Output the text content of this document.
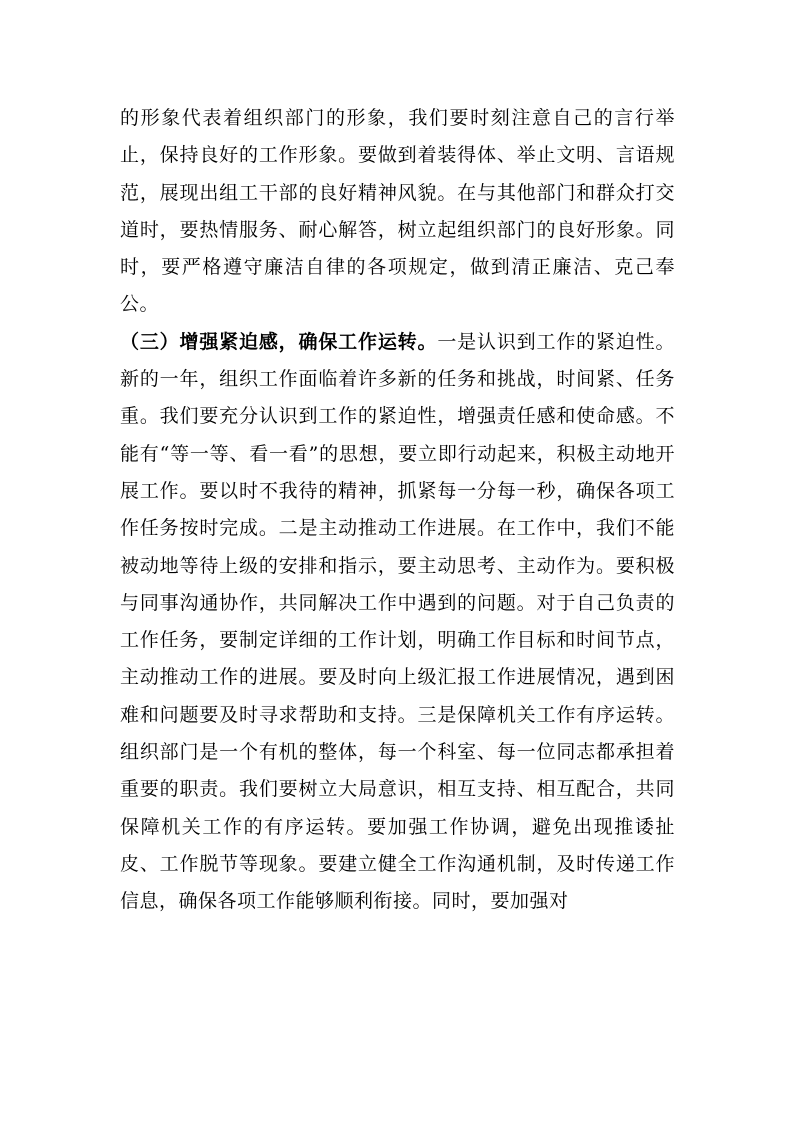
的形象代表着组织部门的形象，我们要时刻注意自己的言行举止，保持良好的工作形象。要做到着装得体、举止文明、言语规范，展现出组工干部的良好精神风貌。在与其他部门和群众打交道时，要热情服务、耐心解答，树立起组织部门的良好形象。同时，要严格遵守廉洁自律的各项规定，做到清正廉洁、克己奉公。

（三）增强紧迫感，确保工作运转。一是认识到工作的紧迫性。新的一年，组织工作面临着许多新的任务和挑战，时间紧、任务重。我们要充分认识到工作的紧迫性，增强责任感和使命感。不能有“等一等、看一看”的思想，要立即行动起来，积极主动地开展工作。要以时不我待的精神，抓紧每一分每一秒，确保各项工作任务按时完成。二是主动推动工作进展。在工作中，我们不能被动地等待上级的安排和指示，要主动思考、主动作为。要积极与同事沟通协作，共同解决工作中遇到的问题。对于自己负责的工作任务，要制定详细的工作计划，明确工作目标和时间节点，主动推动工作的进展。要及时向上级汇报工作进展情况，遇到困难和问题要及时寻求帮助和支持。三是保障机关工作有序运转。组织部门是一个有机的整体，每一个科室、每一位同志都承担着重要的职责。我们要树立大局意识，相互支持、相互配合，共同保障机关工作的有序运转。要加强工作协调，避免出现推诿扯皮、工作脱节等现象。要建立健全工作沟通机制，及时传递工作信息，确保各项工作能够顺利衔接。同时，要加强对
